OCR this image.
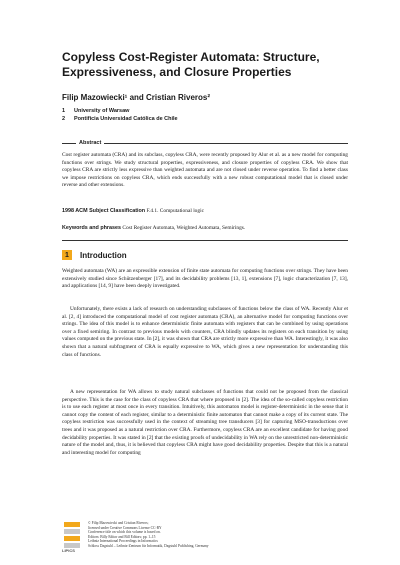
Copyless Cost-Register Automata: Structure, Expressiveness, and Closure Properties
Filip Mazowiecki¹ and Cristian Riveros²
1 University of Warsaw
2 Pontificia Universidad Católica de Chile
Abstract
Cost register automata (CRA) and its subclass, copyless CRA, were recently proposed by Alur et al. as a new model for computing functions over strings. We study structural properties, expressiveness, and closure properties of copyless CRA. We show that copyless CRA are strictly less expressive than weighted automata and are not closed under reverse operation. To find a better class we impose restrictions on copyless CRA, which ends successfully with a new robust computational model that is closed under reverse and other extensions.
1998 ACM Subject Classification F.4.1. Computational logic
Keywords and phrases Cost Register Automata, Weighted Automata, Semirings.
1	Introduction
Weighted automata (WA) are an expressible extension of finite state automata for computing functions over strings. They have been extensively studied since Schützenberger [17], and its decidability problems [13, 1], extensions [7], logic characterization [7, 13], and applications [14, 9] have been deeply investigated.
Unfortunately, there exists a lack of research on understanding subclasses of functions below the class of WA. Recently Alur et al. [2, 4] introduced the computational model of cost register automata (CRA), an alternative model for computing functions over strings. The idea of this model is to enhance deterministic finite automata with registers that can be combined by using operations over a fixed semiring. In contrast to previous models with counters, CRA blindly updates its registers on each transition by using values computed on the previous state. In [2], it was shown that CRA are strictly more expressive than WA. Interestingly, it was also shown that a natural subfragment of CRA is equally expressive to WA, which gives a new representation for understanding this class of functions.
A new representation for WA allows to study natural subclasses of functions that could not be proposed from the classical perspective. This is the case for the class of copyless CRA that where proposed in [2]. The idea of the so-called copyless restriction is to use each register at most once in every transition. Intuitively, this automaton model is register-deterministic in the sense that it cannot copy the content of each register, similar to a deterministic finite automaton that cannot make a copy of its current state. The copyless restriction was successfully used in the context of streaming tree transducers [3] for capturing MSO-transductions over trees and it was proposed as a natural restriction over CRA. Furthermore, copyless CRA are an excellent candidate for having good decidability properties. It was stated in [2] that the existing proofs of undecidability in WA rely on the unrestricted non-deterministic nature of the model and, thus, it is believed that copyless CRA might have good decidability properties. Despite that this is a natural and interesting model for computing
© Filip Mazowiecki and Cristian Riveros;
licensed under Creative Commons License CC-BY
Conference title on which this volume is based on.
Editors: Billy Editor and Bill Editors; pp. 1–15
Leibniz International Proceedings in Informatics
Schloss Dagstuhl – Leibniz-Zentrum für Informatik, Dagstuhl Publishing, Germany
LIPICS
